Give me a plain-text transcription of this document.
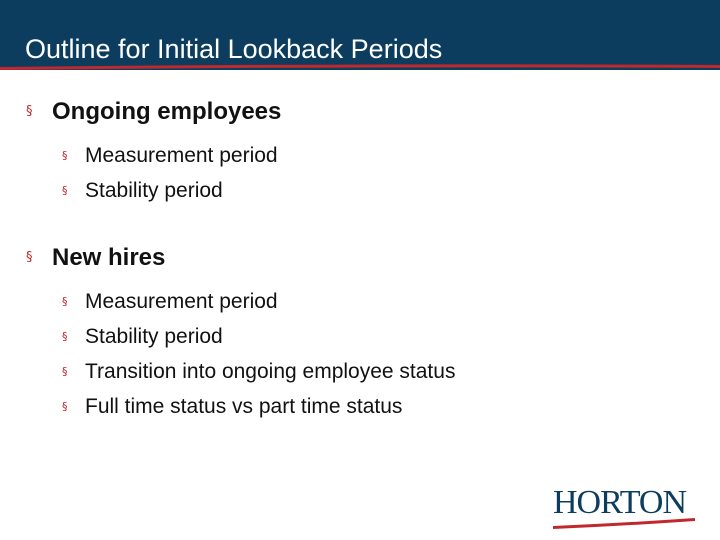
Outline for Initial Lookback Periods
§ Ongoing employees
§ Measurement period
§ Stability period
§ New hires
§ Measurement period
§ Stability period
§ Transition into ongoing employee status
§ Full time status vs part time status
HORTON
